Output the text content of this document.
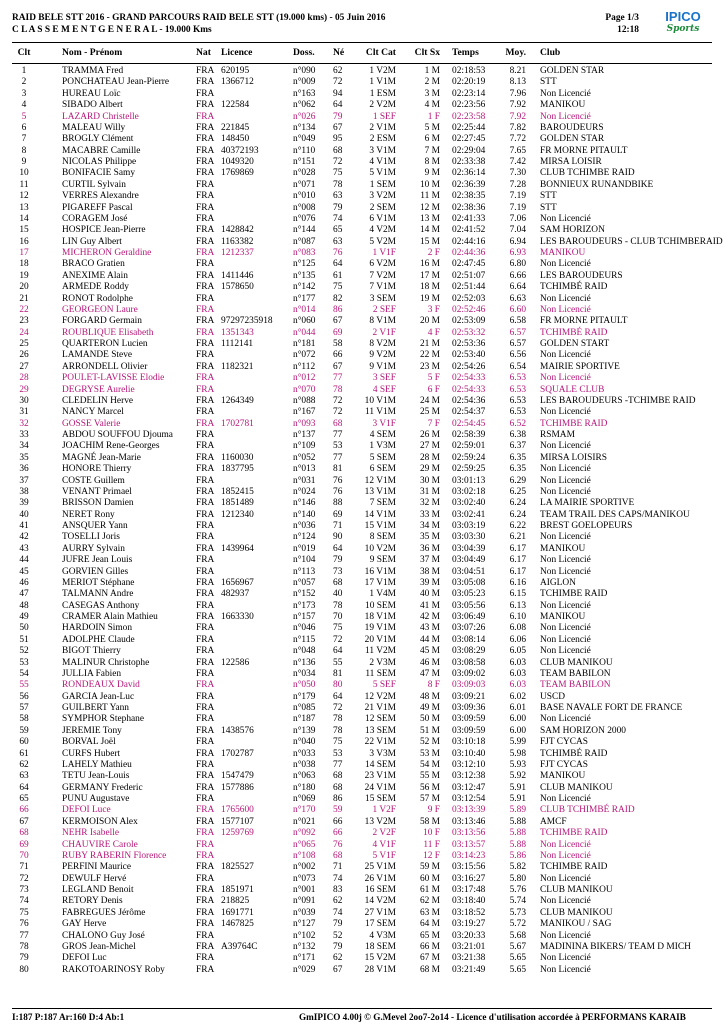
RAID BELE STT 2016 - GRAND PARCOURS RAID BELE STT (19.000 kms) - 05 Juin 2016
C L A S S E M E N T G E N E R A L - 19.000 Kms
Page 1/3
12:18
IPICO
Sports
Clt	Nom - Prénom	Nat Licence	Doss. Né	Clt Cat	Clt Sx Temps	Moy. Club
1	TRAMMA Fred	FRA 620195	n°090 62	1 V2M	1 M 02:18:53	8.21 GOLDEN STAR
2	PONCHATEAU Jean-Pierre	FRA 1366712	n°009 72	1 V1M	2 M 02:20:19	8.13 STT
3	HUREAU Loïc	FRA	n°163 94	1 ESM	3 M 02:23:14	7.96 Non Licencié
4	SIBADO Albert	FRA 122584	n°062 64	2 V2M	4 M 02:23:56	7.92 MANIKOU
5	LAZARD Christelle	FRA	n°026 79	1 SEF	1 F 02:23:58	7.92 Non Licencié
6	MALEAU Willy	FRA 221845	n°134 67	2 V1M	5 M 02:25:44	7.82 BAROUDEURS
7	BROGLY Clément	FRA 148450	n°049 95	2 ESM	6 M 02:27:45	7.72 GOLDEN STAR
8	MACABRE Camille	FRA 40372193	n°110 68	3 V1M	7 M 02:29:04	7.65 FR MORNE PITAULT
9	NICOLAS Philippe	FRA 1049320	n°151 72	4 V1M	8 M 02:33:38	7.42 MIRSA LOISIR
10	BONIFACIE Samy	FRA 1769869	n°028 75	5 V1M	9 M 02:36:14	7.30 CLUB TCHIMBE RAID
11	CURTIL Sylvain	FRA	n°071 78	1 SEM	10 M 02:36:39	7.28 BONNIEUX RUNANDBIKE
12	VERRES Alexandre	FRA	n°010 63	3 V2M	11 M 02:38:35	7.19 STT
13	PIGAREFF Pascal	FRA	n°008 79	2 SEM	12 M 02:38:36	7.19 STT
14	CORAGEM José	FRA	n°076 74	6 V1M	13 M 02:41:33	7.06 Non Licencié
15	HOSPICE Jean-Pierre	FRA 1428842	n°144 65	4 V2M	14 M 02:41:52	7.04 SAM HORIZON
16	LIN Guy Albert	FRA 1163382	n°087 63	5 V2M	15 M 02:44:16	6.94 LES BAROUDEURS - CLUB TCHIMBERAID
17	MICHERON Geraldine	FRA 1212337	n°083 76	1 V1F	2 F 02:44:36	6.93 MANIKOU
18	BRACO Gratien	FRA	n°125 64	6 V2M	16 M 02:47:45	6.80 Non Licencié
19	ANEXIME Alain	FRA 1411446	n°135 61	7 V2M	17 M 02:51:07	6.66 LES BAROUDEURS
20	ARMEDE Roddy	FRA 1578650	n°142 75	7 V1M	18 M 02:51:44	6.64 TCHIMBÉ RAID
21	RONOT Rodolphe	FRA	n°177 82	3 SEM	19 M 02:52:03	6.63 Non Licencié
22	GEORGEON Laure	FRA	n°014 86	2 SEF	3 F 02:52:46	6.60 Non Licencié
23	FORGARD Germain	FRA 97297235918 n°060 67	8 V1M	20 M 02:53:09	6.58 FR MORNE PITAULT
24	ROUBLIQUE Elisabeth	FRA 1351343	n°044 69	2 V1F	4 F 02:53:32	6.57 TCHIMBÉ RAID
25	QUARTERON Lucien	FRA 1112141	n°181 58	8 V2M	21 M 02:53:36	6.57 GOLDEN START
26	LAMANDE Steve	FRA	n°072 66	9 V2M	22 M 02:53:40	6.56 Non Licencié
27	ARRONDELL Olivier	FRA 1182321	n°112 67	9 V1M	23 M 02:54:26	6.54 MAIRIE SPORTIVE
28	POULET-LAVISSE Elodie	FRA	n°012 77	3 SEF	5 F 02:54:33	6.53 Non Licencié
29	DEGRYSE Aurelie	FRA	n°070 78	4 SEF	6 F 02:54:33	6.53 SQUALE CLUB
30	CLEDELIN Herve	FRA 1264349	n°088 72 10 V1M	24 M 02:54:36	6.53 LES BAROUDEURS -TCHIMBE RAID
31	NANCY Marcel	FRA	n°167 72	11 V1M	25 M 02:54:37	6.53 Non Licencié
32	GOSSE Valerie	FRA 1702781	n°093 68	3 V1F	7 F 02:54:45	6.52 TCHIMBE RAID
33	ABDOU SOUFFOU Djouma FRA	n°137 77	4 SEM	26 M 02:58:39	6.38 RSMAM
34	JOACHIM Rene-Georges	FRA	n°109 53	1 V3M	27 M 02:59:01	6.37 Non Licencié
35	MAGNÉ Jean-Marie	FRA 1160030	n°052 77	5 SEM	28 M 02:59:24	6.35 MIRSA LOISIRS
36	HONORE Thierry	FRA 1837795	n°013 81	6 SEM	29 M 02:59:25	6.35 Non Licencié
37	COSTE Guillem	FRA	n°031 76 12 V1M	30 M 03:01:13	6.29 Non Licencié
38	VENANT Primael	FRA 1852415	n°024 76 13 V1M	31 M 03:02:18	6.25 Non Licencié
39	BRISSON Damien	FRA 1851489	n°146 88	7 SEM	32 M 03:02:40	6.24 LA MAIRIE SPORTIVE
40	NERET Rony	FRA 1212340	n°140 69 14 V1M	33 M 03:02:41	6.24 TEAM TRAIL DES CAPS/MANIKOU
41	ANSQUER Yann	FRA	n°036 71 15 V1M	34 M 03:03:19	6.22 BREST GOELOPEURS
42	TOSELLI Joris	FRA	n°124 90	8 SEM	35 M 03:03:30	6.21 Non Licencié
43	AURRY Sylvain	FRA 1439964	n°019 64 10 V2M	36 M 03:04:39	6.17 MANIKOU
44	JUFRE Jean Louis	FRA	n°104 79	9 SEM	37 M 03:04:49	6.17 Non Licencié
45	GORVIEN Gilles	FRA	n°113 73 16 V1M	38 M 03:04:51	6.17 Non Licencié
46	MERIOT Stéphane	FRA 1656967	n°057 68 17 V1M	39 M 03:05:08	6.16 AIGLON
47	TALMANN Andre	FRA 482937	n°152 40	1 V4M	40 M 03:05:23	6.15 TCHIMBE RAID
48	CASEGAS Anthony	FRA	n°173 78	10 SEM	41 M 03:05:56	6.13 Non Licencié
49	CRAMER Alain Mathieu	FRA 1663330	n°157 70 18 V1M	42 M 03:06:49	6.10 MANIKOU
50	HARDOIN Simon	FRA	n°046 75 19 V1M	43 M 03:07:26	6.08 Non Licencié
51	ADOLPHE Claude	FRA	n°115 72 20 V1M	44 M 03:08:14	6.06 Non Licencié
52	BIGOT Thierry	FRA	n°048 64	11 V2M	45 M 03:08:29	6.05 Non Licencié
53	MALINUR Christophe	FRA 122586	n°136 55	2 V3M	46 M 03:08:58	6.03 CLUB MANIKOU
54	JULLIA Fabien	FRA	n°034 81	11 SEM	47 M 03:09:02	6.03 TEAM BABILON
55	RONDEAUX David	FRA	n°050 80	5 SEF	8 F 03:09:03	6.03 TEAM BABILON
56	GARCIA Jean-Luc	FRA	n°179 64 12 V2M	48 M 03:09:21	6.02 USCD
57	GUILBERT Yann	FRA	n°085 72 21 V1M	49 M 03:09:36	6.01 BASE NAVALE FORT DE FRANCE
58	SYMPHOR Stephane	FRA	n°187 78	12 SEM	50 M 03:09:59	6.00 Non Licencié
59	JEREMIE Tony	FRA 1438576	n°139 78	13 SEM	51 M 03:09:59	6.00 SAM HORIZON 2000
60	BORVAL Joël	FRA	n°040 75 22 V1M	52 M 03:10:18	5.99 FJT CYCAS
61	CURFS Hubert	FRA 1702787	n°033 53	3 V3M	53 M 03:10:40	5.98 TCHIMBÉ RAID
62	LAHELY Mathieu	FRA	n°038 77	14 SEM	54 M 03:12:10	5.93 FJT CYCAS
63	TETU Jean-Louis	FRA 1547479	n°063 68 23 V1M	55 M 03:12:38	5.92 MANIKOU
64	GERMANY Frederic	FRA 1577886	n°180 68 24 V1M	56 M 03:12:47	5.91 CLUB MANIKOU
65	PUNU Augustave	FRA	n°069 86	15 SEM	57 M 03:12:54	5.91 Non Licencié
66	DEFOI Luce	FRA 1765600	n°170 59	1 V2F	9 F 03:13:39	5.89 CLUB TCHIMBÉ RAID
67	KERMOISON Alex	FRA 1577107	n°021 66 13 V2M	58 M 03:13:46	5.88 AMCF
68	NEHR Isabelle	FRA 1259769	n°092 66	2 V2F	10 F 03:13:56	5.88 TCHIMBE RAID
69	CHAUVIRE Carole	FRA	n°065 76	4 V1F	11 F 03:13:57	5.88 Non Licencié
70	RUBY RABERIN Florence	FRA	n°108 68	5 V1F	12 F 03:14:23	5.86 Non Licencié
71	PERFINI Maurice	FRA 1825527	n°002 71 25 V1M	59 M 03:15:56	5.82 TCHIMBE RAID
72	DEWULF Hervé	FRA	n°073 74 26 V1M	60 M 03:16:27	5.80 Non Licencié
73	LEGLAND Benoit	FRA 1851971	n°001 83	16 SEM	61 M 03:17:48	5.76 CLUB MANIKOU
74	RETORY Denis	FRA 218825	n°091 62 14 V2M	62 M 03:18:40	5.74 Non Licencié
75	FABREGUES Jérôme	FRA 1691771	n°039 74 27 V1M	63 M 03:18:52	5.73 CLUB MANIKOU
76	GAY Herve	FRA 1467825	n°127 79	17 SEM	64 M 03:19:27	5.72 MANIKOU / SAG
77	CHALONO Guy José	FRA	n°102 52	4 V3M	65 M 03:20:33	5.68 Non Licencié
78	GROS Jean-Michel	FRA A39764C	n°132 79	18 SEM	66 M 03:21:01	5.67 MADININA BIKERS/ TEAM D MICH
79	DEFOI Luc	FRA	n°171 62 15 V2M	67 M 03:21:38	5.65 Non Licencié
80	RAKOTOARINOSY Roby	FRA	n°029 67 28 V1M	68 M 03:21:49	5.65 Non Licencié
I:187 P:187 Ar:160 D:4 Ab:1	GmIPICO 4.00j © G.Mevel 2oo7-2o14 - Licence d'utilisation accordée à PERFORMANS KARAIB
